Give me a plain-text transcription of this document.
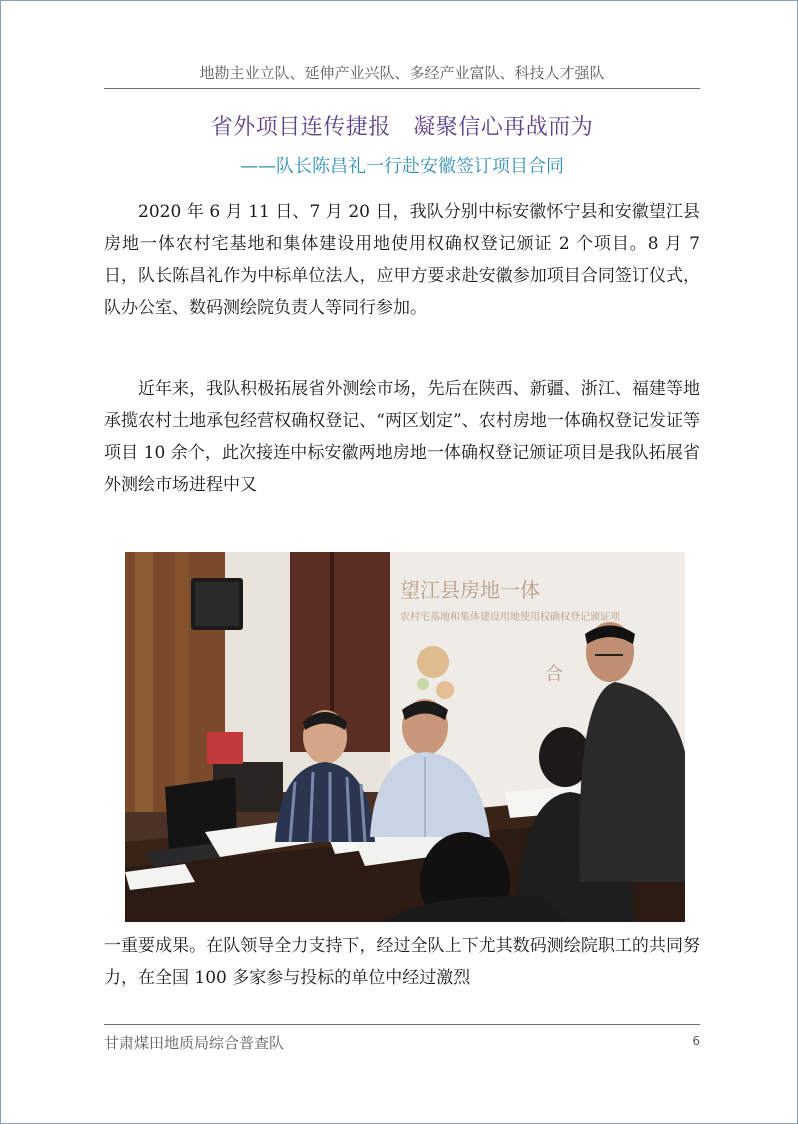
地勘主业立队、延伸产业兴队、多经产业富队、科技人才强队
省外项目连传捷报　凝聚信心再战而为
——队长陈昌礼一行赴安徽签订项目合同

2020 年 6 月 11 日、7 月 20 日，我队分别中标安徽怀宁县和安徽望江县房地一体农村宅基地和集体建设用地使用权确权登记颁证 2 个项目。8 月 7 日，队长陈昌礼作为中标单位法人，应甲方要求赴安徽参加项目合同签订仪式，队办公室、数码测绘院负责人等同行参加。

近年来，我队积极拓展省外测绘市场，先后在陕西、新疆、浙江、福建等地承揽农村土地承包经营权确权登记、“两区划定”、农村房地一体确权登记发证等项目 10 余个，此次接连中标安徽两地房地一体确权登记颁证项目是我队拓展省外测绘市场进程中又

望江县房地一体
农村宅基地和集体建设用地使用权确权登记颁证项
合

一重要成果。在队领导全力支持下，经过全队上下尤其数码测绘院职工的共同努力，在全国 100 多家参与投标的单位中经过激烈

甘肃煤田地质局综合普查队	6
